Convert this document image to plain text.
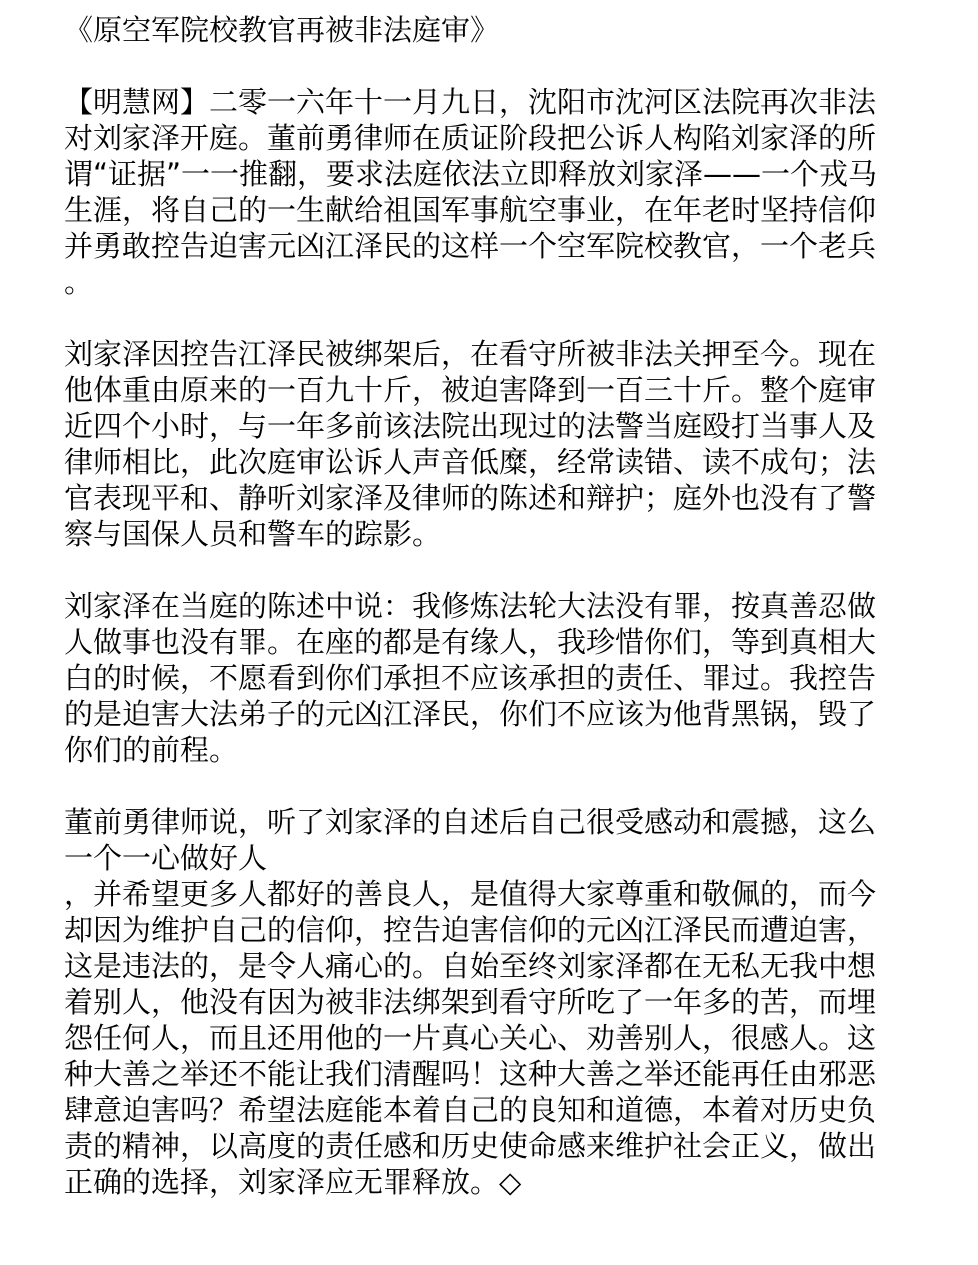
《原空军院校教官再被非法庭审》
【明慧网】二零一六年十一月九日，沈阳市沈河区法院再次非法
对刘家泽开庭。董前勇律师在质证阶段把公诉人构陷刘家泽的所
谓“证据”一一推翻，要求法庭依法立即释放刘家泽——一个戎马
生涯，将自己的一生献给祖国军事航空事业，在年老时坚持信仰
并勇敢控告迫害元凶江泽民的这样一个空军院校教官，一个老兵
。
刘家泽因控告江泽民被绑架后，在看守所被非法关押至今。现在
他体重由原来的一百九十斤，被迫害降到一百三十斤。整个庭审
近四个小时，与一年多前该法院出现过的法警当庭殴打当事人及
律师相比，此次庭审讼诉人声音低糜，经常读错、读不成句；法
官表现平和、静听刘家泽及律师的陈述和辩护；庭外也没有了警
察与国保人员和警车的踪影。
刘家泽在当庭的陈述中说：我修炼法轮大法没有罪，按真善忍做
人做事也没有罪。在座的都是有缘人，我珍惜你们，等到真相大
白的时候，不愿看到你们承担不应该承担的责任、罪过。我控告
的是迫害大法弟子的元凶江泽民，你们不应该为他背黑锅，毁了
你们的前程。
董前勇律师说，听了刘家泽的自述后自己很受感动和震撼，这么
一个一心做好人
，并希望更多人都好的善良人，是值得大家尊重和敬佩的，而今
却因为维护自己的信仰，控告迫害信仰的元凶江泽民而遭迫害，
这是违法的，是令人痛心的。自始至终刘家泽都在无私无我中想
着别人，他没有因为被非法绑架到看守所吃了一年多的苦，而埋
怨任何人，而且还用他的一片真心关心、劝善别人，很感人。这
种大善之举还不能让我们清醒吗！这种大善之举还能再任由邪恶
肆意迫害吗？希望法庭能本着自己的良知和道德，本着对历史负
责的精神，以高度的责任感和历史使命感来维护社会正义，做出
正确的选择，刘家泽应无罪释放。◇
